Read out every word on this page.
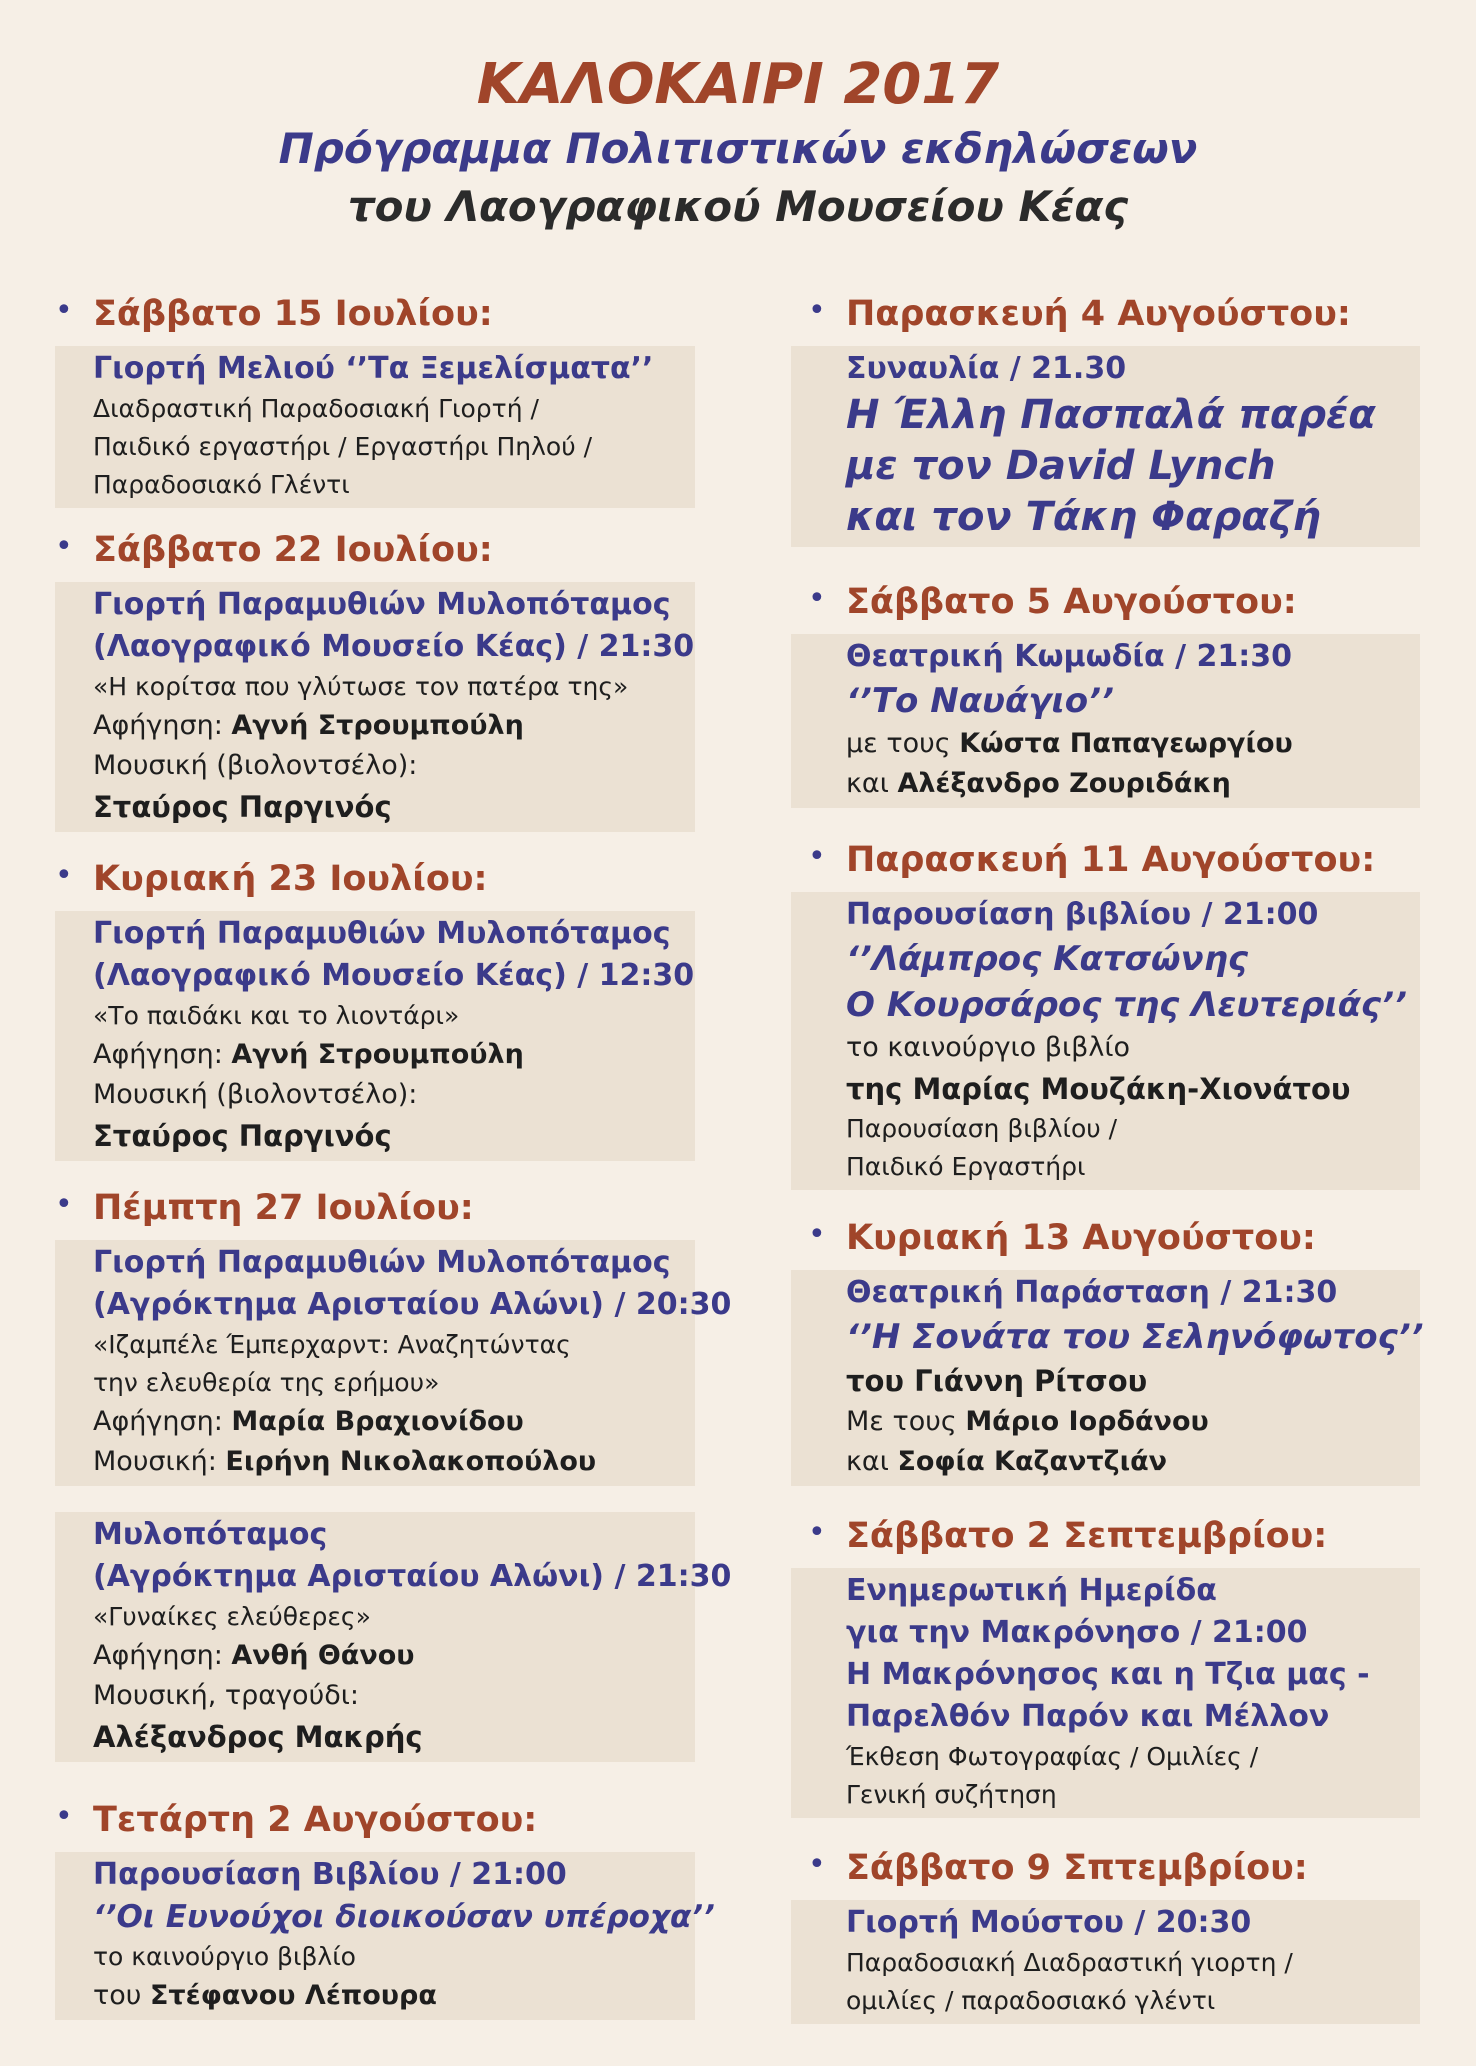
ΚΑΛΟΚΑΙΡΙ 2017
Πρόγραμμα Πολιτιστικών εκδηλώσεων
του Λαογραφικού Μουσείου Κέας
• Σάββατο 15 Ιουλίου:
Γιορτή Μελιού ‘’Τα Ξεμελίσματα’’
Διαδραστική Παραδοσιακή Γιορτή /
Παιδικό εργαστήρι / Εργαστήρι Πηλού /
Παραδοσιακό Γλέντι
• Σάββατο 22 Ιουλίου:
Γιορτή Παραμυθιών Μυλοπόταμος
(Λαογραφικό Μουσείο Κέας) / 21:30
«Η κορίτσα που γλύτωσε τον πατέρα της»
Αφήγηση: Αγνή Στρουμπούλη
Μουσική (βιολοντσέλο):
Σταύρος Παργινός
• Κυριακή 23 Ιουλίου:
Γιορτή Παραμυθιών Μυλοπόταμος
(Λαογραφικό Μουσείο Κέας) / 12:30
«Το παιδάκι και το λιοντάρι»
Αφήγηση: Αγνή Στρουμπούλη
Μουσική (βιολοντσέλο):
Σταύρος Παργινός
• Πέμπτη 27 Ιουλίου:
Γιορτή Παραμυθιών Μυλοπόταμος
(Αγρόκτημα Αρισταίου Αλώνι) / 20:30
«Ιζαμπέλε Έμπερχαρντ: Αναζητώντας
την ελευθερία της ερήμου»
Αφήγηση: Μαρία Βραχιονίδου
Μουσική: Ειρήνη Νικολακοπούλου
Μυλοπόταμος
(Αγρόκτημα Αρισταίου Αλώνι) / 21:30
«Γυναίκες ελεύθερες»
Αφήγηση: Ανθή Θάνου
Μουσική, τραγούδι:
Αλέξανδρος Μακρής
• Τετάρτη 2 Αυγούστου:
Παρουσίαση Βιβλίου / 21:00
‘’Οι Ευνούχοι διοικούσαν υπέροχα’’
το καινούργιο βιβλίο
του Στέφανου Λέπουρα
• Παρασκευή 4 Αυγούστου:
Συναυλία / 21.30
Η Έλλη Πασπαλά παρέα
με τον David Lynch
και τον Τάκη Φαραζή
• Σάββατο 5 Αυγούστου:
Θεατρική Κωμωδία / 21:30
‘’Το Ναυάγιο’’
με τους Κώστα Παπαγεωργίου
και Αλέξανδρο Ζουριδάκη
• Παρασκευή 11 Αυγούστου:
Παρουσίαση βιβλίου / 21:00
‘’Λάμπρος Κατσώνης
Ο Κουρσάρος της Λευτεριάς’’
το καινούργιο βιβλίο
της Μαρίας Μουζάκη-Χιονάτου
Παρουσίαση βιβλίου /
Παιδικό Εργαστήρι
• Κυριακή 13 Αυγούστου:
Θεατρική Παράσταση / 21:30
‘’Η Σονάτα του Σεληνόφωτος’’
του Γιάννη Ρίτσου
Με τους Μάριο Ιορδάνου
και Σοφία Καζαντζιάν
• Σάββατο 2 Σεπτεμβρίου:
Ενημερωτική Ημερίδα
για την Μακρόνησο / 21:00
Η Μακρόνησος και η Τζια μας -
Παρελθόν Παρόν και Μέλλον
Έκθεση Φωτογραφίας / Ομιλίες /
Γενική συζήτηση
• Σάββατο 9 Σπτεμβρίου:
Γιορτή Μούστου / 20:30
Παραδοσιακή Διαδραστική γιορτη /
ομιλίες / παραδοσιακό γλέντι
